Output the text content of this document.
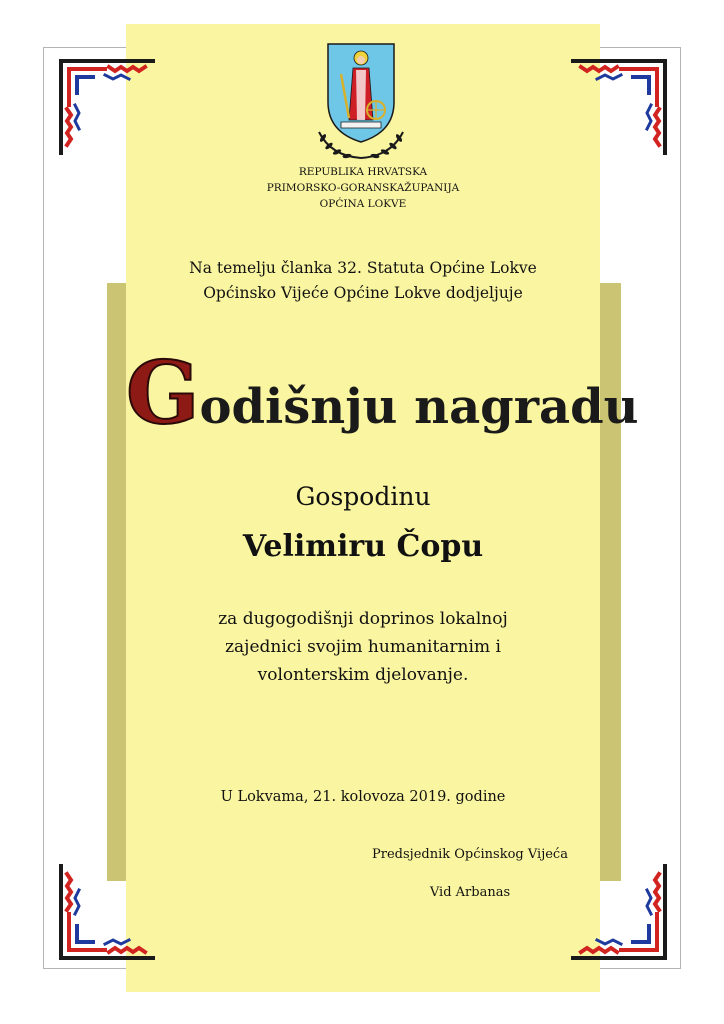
REPUBLIKA HRVATSKA
PRIMORSKO-GORANSKAŽUPANIJA
OPĆINA LOKVE
Na temelju članka 32. Statuta Općine Lokve
Općinsko Vijeće Općine Lokve dodjeljuje
Godišnju nagradu
Gospodinu
Velimiru Čopu
za dugogodišnji doprinos lokalnoj
zajednici svojim humanitarnim i
volonterskim djelovanje.
U Lokvama, 21. kolovoza 2019. godine
Predsjednik Općinskog Vijeća
Vid Arbanas
